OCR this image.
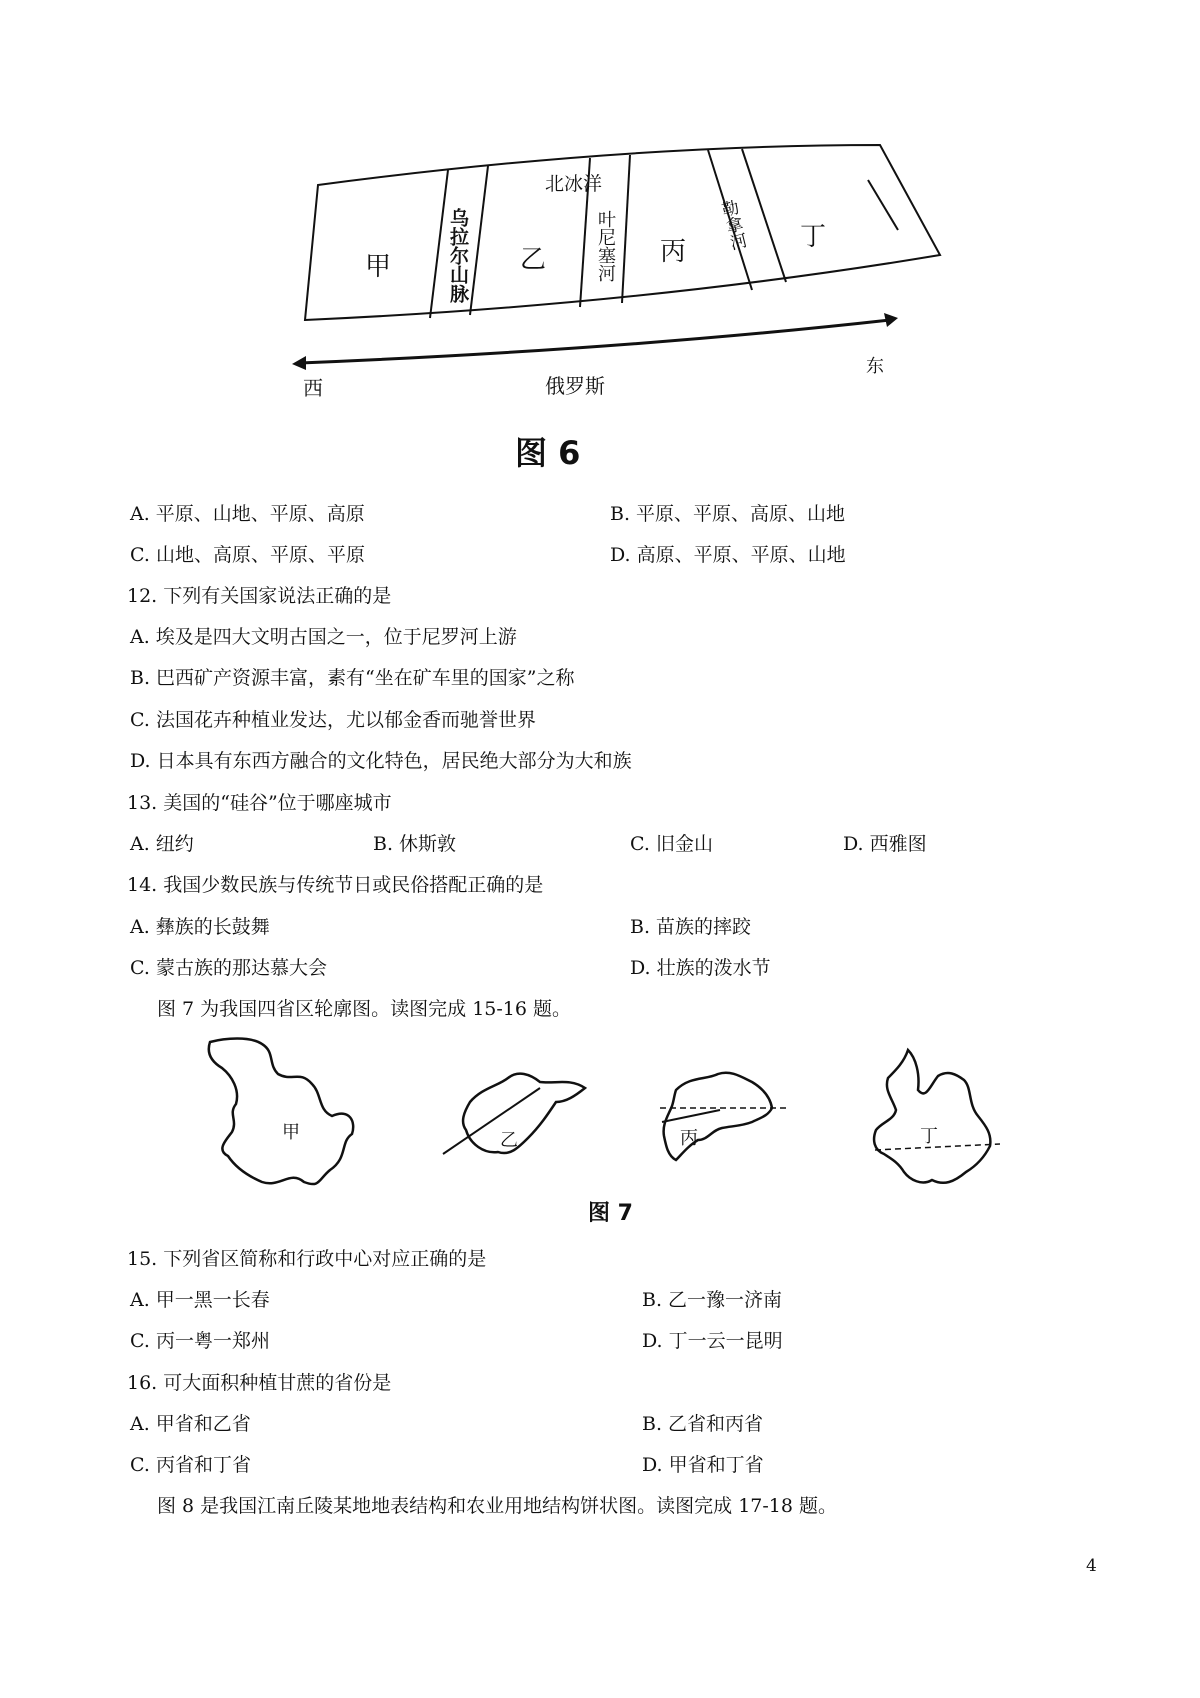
北冰洋
甲	乙	丙	丁
西
东
俄罗斯
乌拉尔山脉	叶尼塞河	勒拿河
图 6
A. 平原、山地、平原、高原	B. 平原、平原、高原、山地
C. 山地、高原、平原、平原	D. 高原、平原、平原、山地
12. 下列有关国家说法正确的是
A. 埃及是四大文明古国之一，位于尼罗河上游
B. 巴西矿产资源丰富，素有“坐在矿车里的国家”之称
C. 法国花卉种植业发达，尤以郁金香而驰誉世界
D. 日本具有东西方融合的文化特色，居民绝大部分为大和族
13. 美国的“硅谷”位于哪座城市
A. 纽约	B. 休斯敦	C. 旧金山	D. 西雅图
14. 我国少数民族与传统节日或民俗搭配正确的是
A. 彝族的长鼓舞	B. 苗族的摔跤
C. 蒙古族的那达慕大会	D. 壮族的泼水节
图 7 为我国四省区轮廓图。读图完成 15-16 题。
甲	乙	丙	丁
图 7
15. 下列省区简称和行政中心对应正确的是
A. 甲一黑一长春	B. 乙一豫一济南
C. 丙一粤一郑州	D. 丁一云一昆明
16. 可大面积种植甘蔗的省份是
A. 甲省和乙省	B. 乙省和丙省
C. 丙省和丁省	D. 甲省和丁省
图 8 是我国江南丘陵某地地表结构和农业用地结构饼状图。读图完成 17-18 题。
4
